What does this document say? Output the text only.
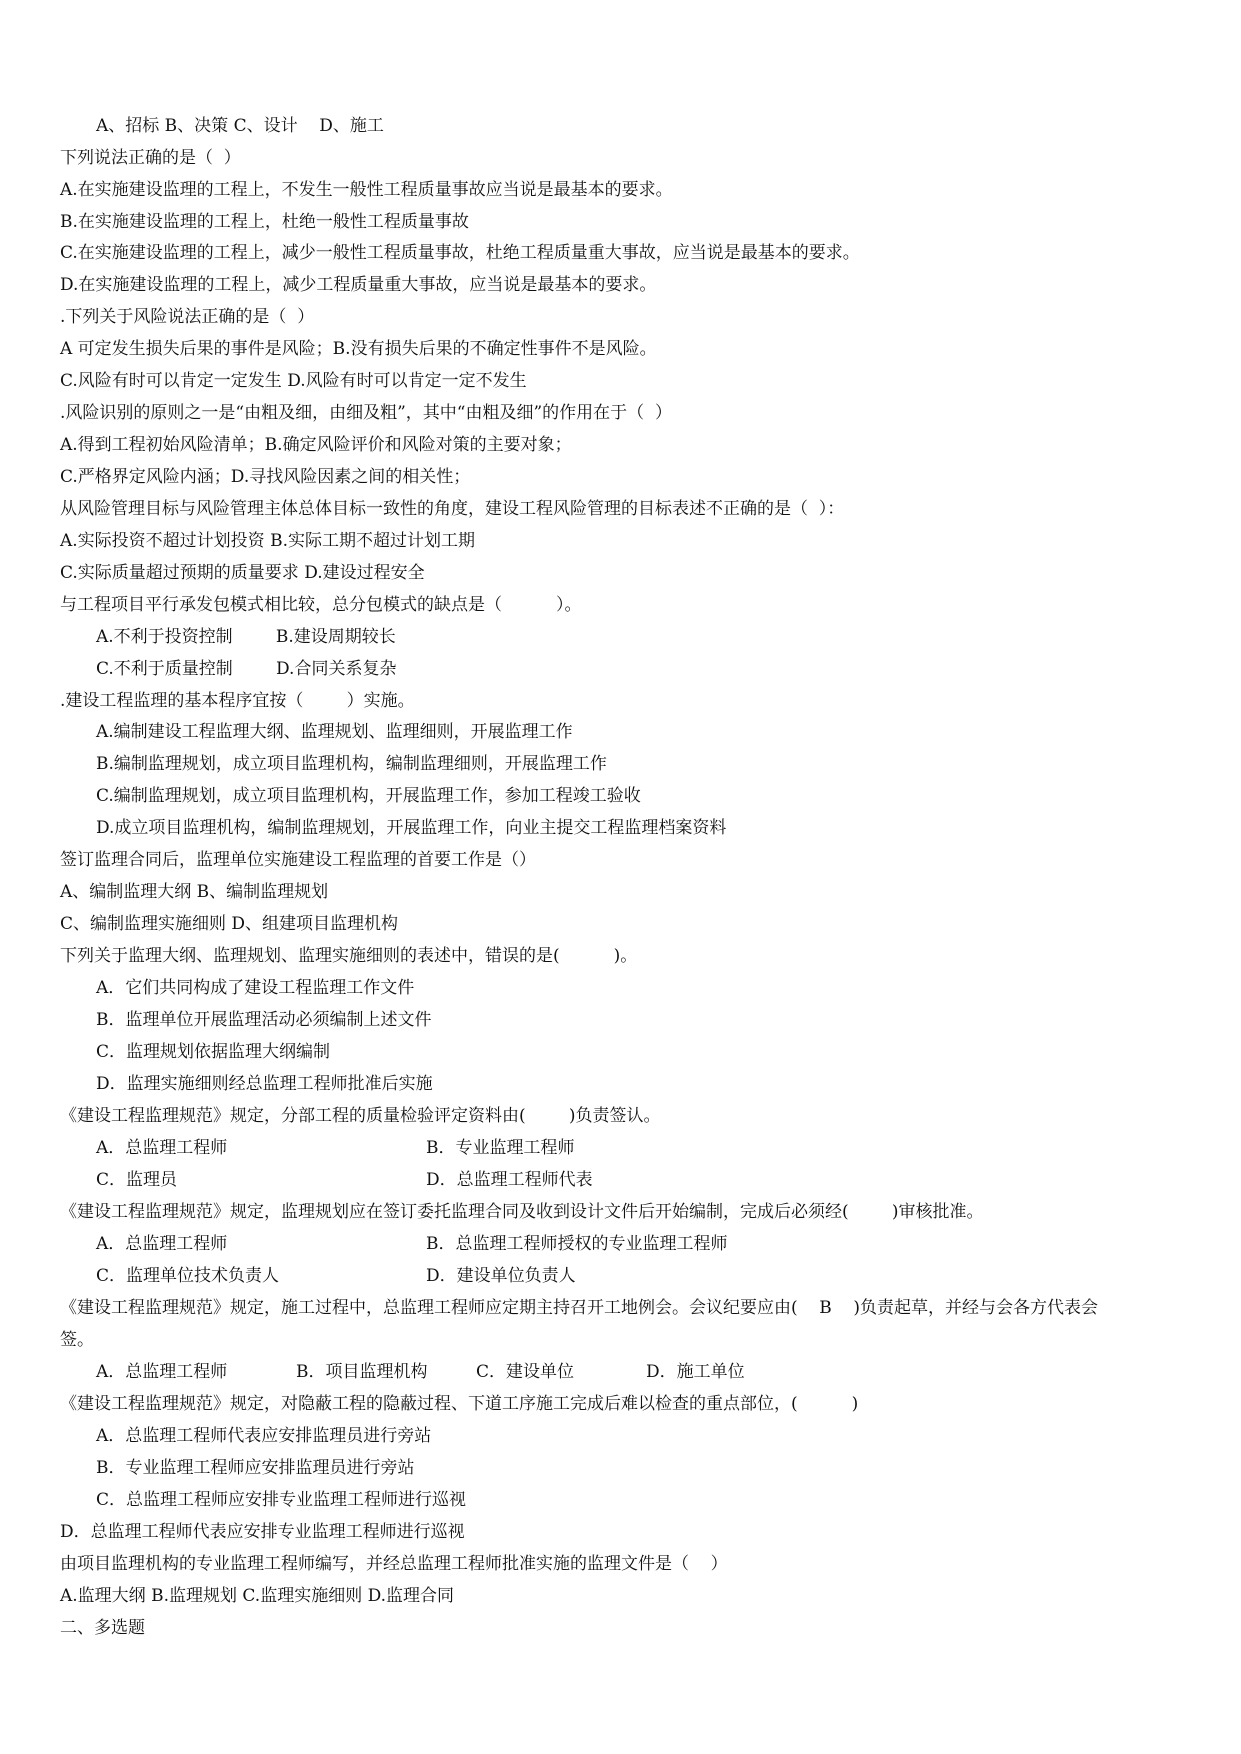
A、招标 B、决策 C、设计    D、施工
下列说法正确的是（  ）
A.在实施建设监理的工程上，不发生一般性工程质量事故应当说是最基本的要求。
B.在实施建设监理的工程上，杜绝一般性工程质量事故
C.在实施建设监理的工程上，减少一般性工程质量事故，杜绝工程质量重大事故，应当说是最基本的要求。
D.在实施建设监理的工程上，减少工程质量重大事故，应当说是最基本的要求。
.下列关于风险说法正确的是（  ）
A 可定发生损失后果的事件是风险；B.没有损失后果的不确定性事件不是风险。
C.风险有时可以肯定一定发生 D.风险有时可以肯定一定不发生
.风险识别的原则之一是“由粗及细，由细及粗”，其中“由粗及细”的作用在于（  ）
A.得到工程初始风险清单；B.确定风险评价和风险对策的主要对象；
C.严格界定风险内涵；D.寻找风险因素之间的相关性；
从风险管理目标与风险管理主体总体目标一致性的角度，建设工程风险管理的目标表述不正确的是（  ）：
A.实际投资不超过计划投资 B.实际工期不超过计划工期
C.实际质量超过预期的质量要求 D.建设过程安全
与工程项目平行承发包模式相比较，总分包模式的缺点是（          ）。
A.不利于投资控制        B.建设周期较长
C.不利于质量控制        D.合同关系复杂
.建设工程监理的基本程序宜按（        ）实施。
A.编制建设工程监理大纲、监理规划、监理细则，开展监理工作
B.编制监理规划，成立项目监理机构，编制监理细则，开展监理工作
C.编制监理规划，成立项目监理机构，开展监理工作，参加工程竣工验收
D.成立项目监理机构，编制监理规划，开展监理工作，向业主提交工程监理档案资料
签订监理合同后，监理单位实施建设工程监理的首要工作是（）
A、编制监理大纲 B、编制监理规划
C、编制监理实施细则 D、组建项目监理机构
下列关于监理大纲、监理规划、监理实施细则的表述中，错误的是(          )。
A．它们共同构成了建设工程监理工作文件
B．监理单位开展监理活动必须编制上述文件
C．监理规划依据监理大纲编制
D．监理实施细则经总监理工程师批准后实施
《建设工程监理规范》规定，分部工程的质量检验评定资料由(        )负责签认。
A．总监理工程师	B．专业监理工程师
C．监理员	D．总监理工程师代表
《建设工程监理规范》规定，监理规划应在签订委托监理合同及收到设计文件后开始编制，完成后必须经(        )审核批准。
A．总监理工程师	B．总监理工程师授权的专业监理工程师
C．监理单位技术负责人	D．建设单位负责人
《建设工程监理规范》规定，施工过程中，总监理工程师应定期主持召开工地例会。会议纪要应由(    B    )负责起草，并经与会各方代表会
签。
A．总监理工程师	B．项目监理机构	C．建设单位	D．施工单位
《建设工程监理规范》规定，对隐蔽工程的隐蔽过程、下道工序施工完成后难以检查的重点部位，(          )
A．总监理工程师代表应安排监理员进行旁站
B．专业监理工程师应安排监理员进行旁站
C．总监理工程师应安排专业监理工程师进行巡视
D．总监理工程师代表应安排专业监理工程师进行巡视
由项目监理机构的专业监理工程师编写，并经总监理工程师批准实施的监理文件是（    ）
A.监理大纲 B.监理规划 C.监理实施细则 D.监理合同
二、多选题
